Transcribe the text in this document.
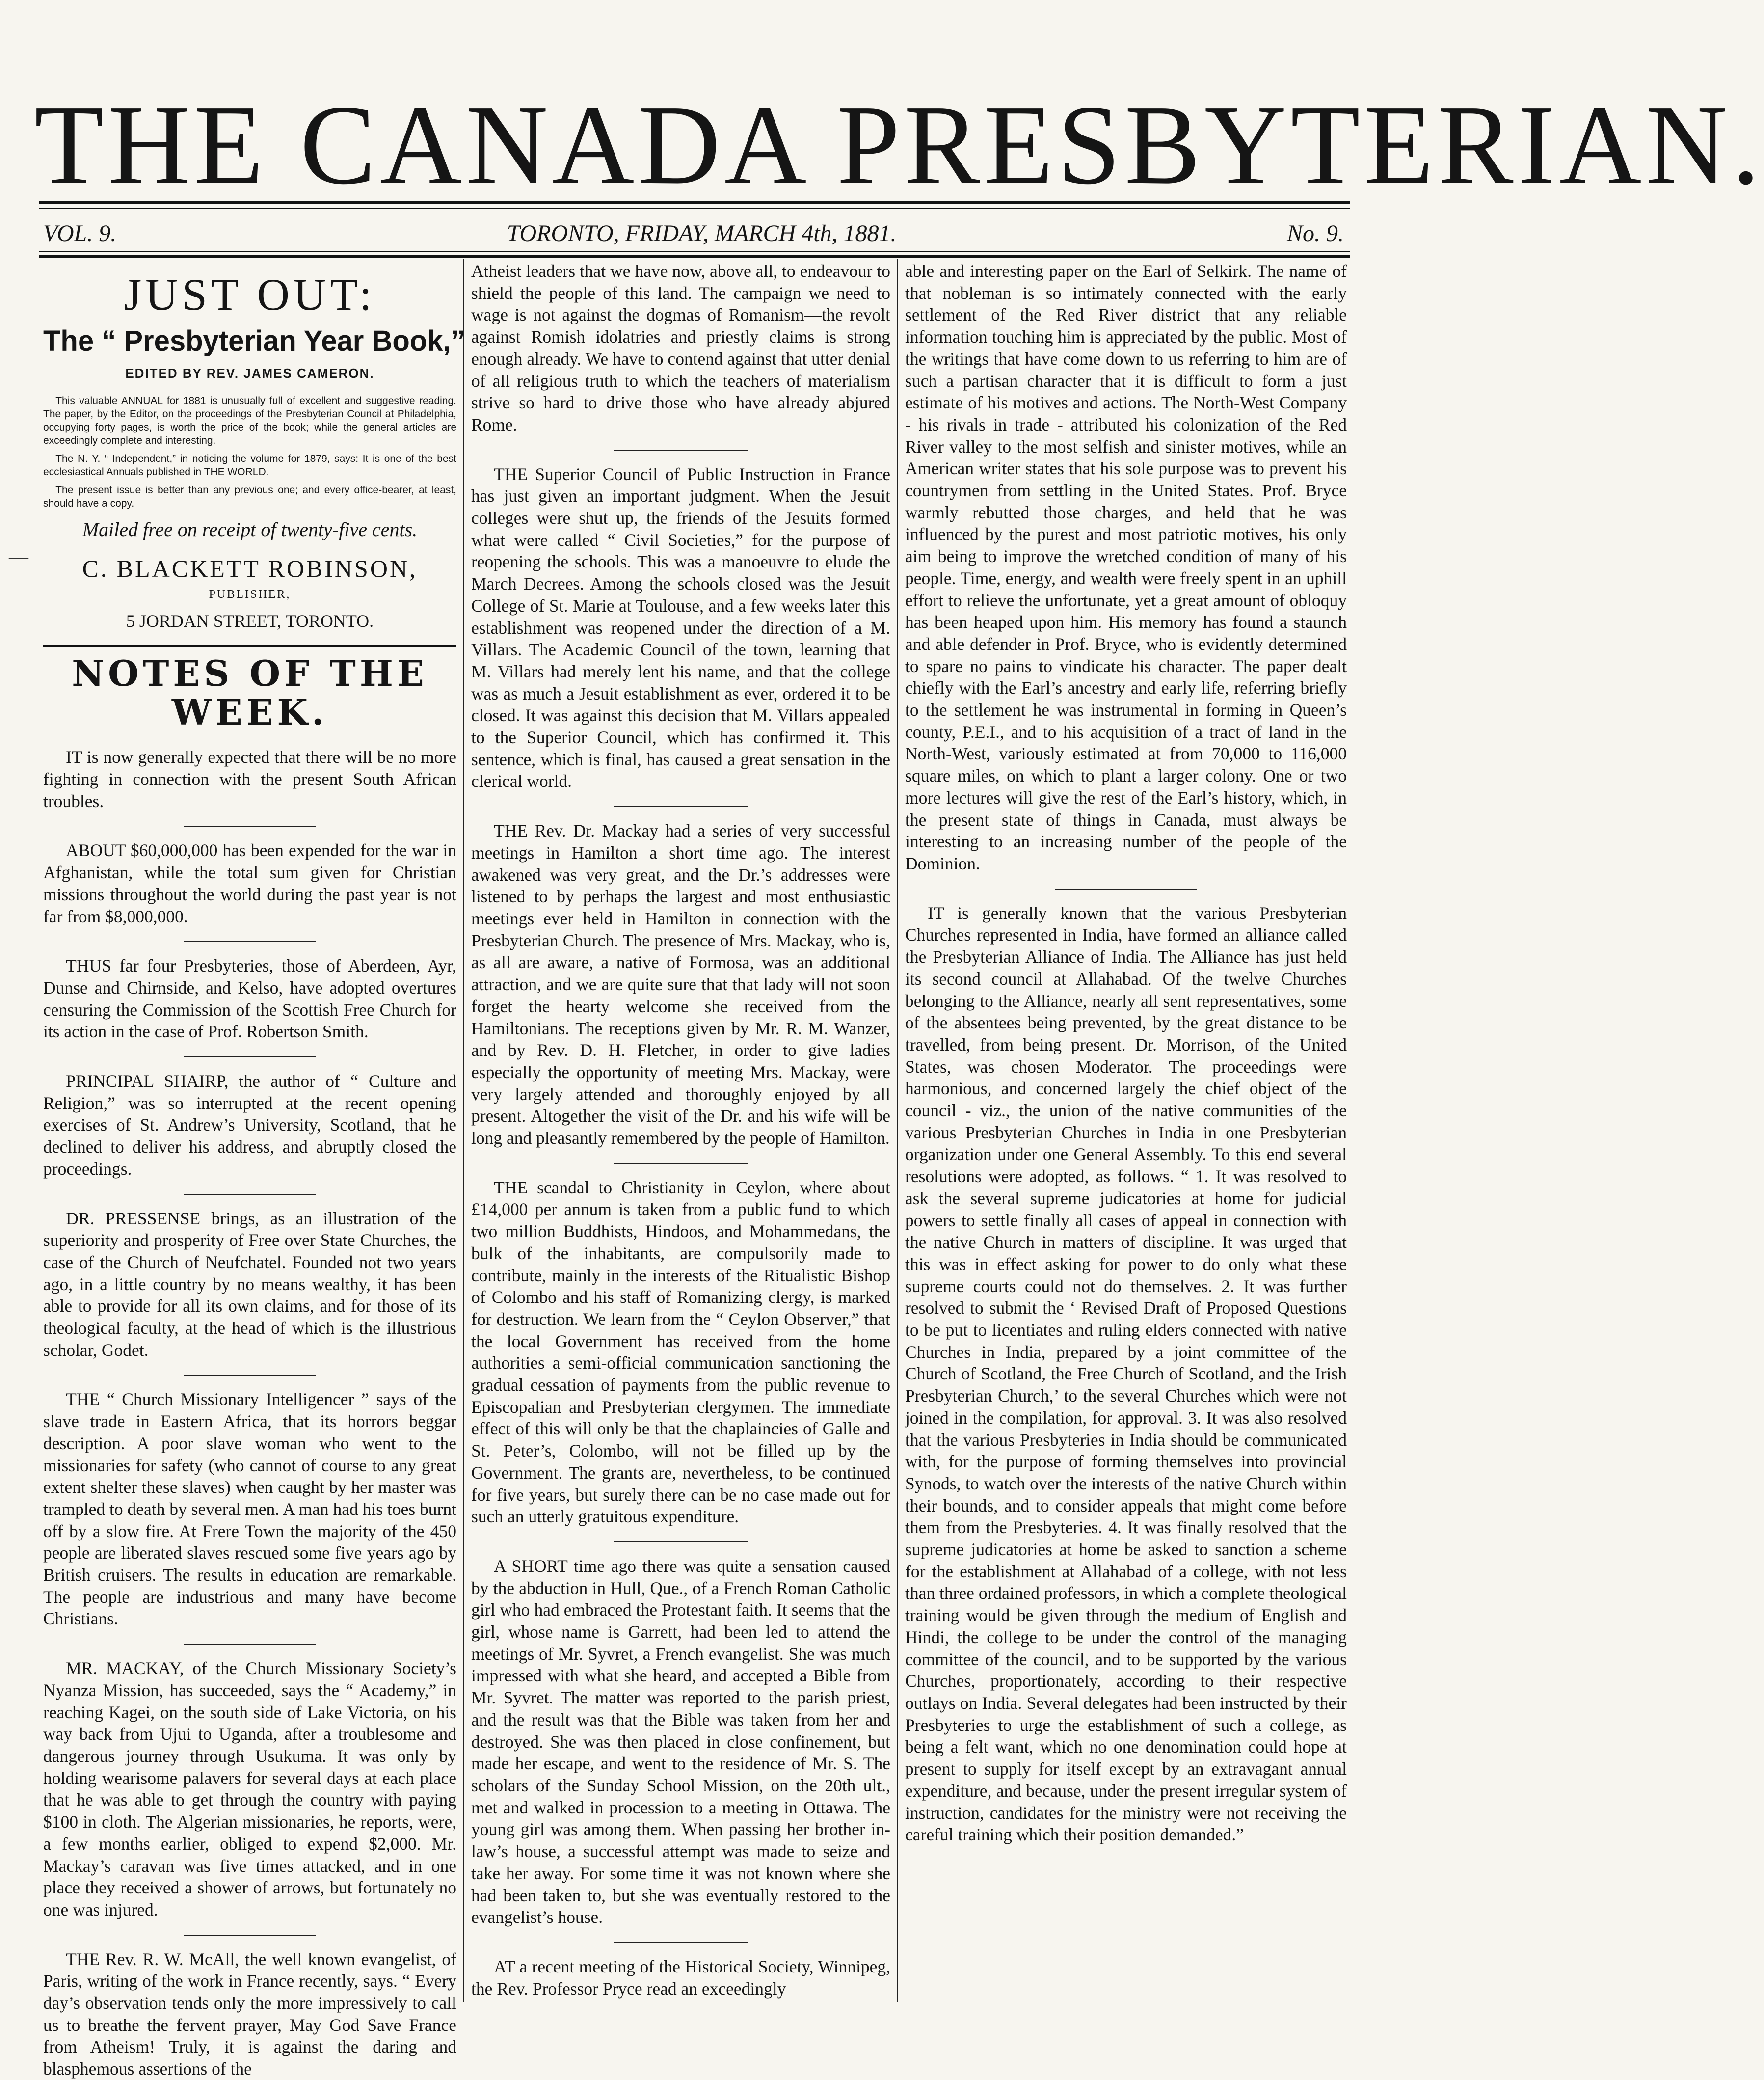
THE CANADA PRESBYTERIAN.
VOL. 9.	TORONTO, FRIDAY, MARCH 4th, 1881.	No. 9.
JUST OUT:
The “ Presbyterian Year Book,”
EDITED BY REV. JAMES CAMERON.

This valuable ANNUAL for 1881 is unusually full of excellent and suggestive reading. The paper, by the Editor, on the proceedings of the Presbyterian Council at Philadelphia, occupying forty pages, is worth the price of the book; while the general articles are exceedingly complete and interesting.

The N. Y. “ Independent,” in noticing the volume for 1879, says: It is one of the best ecclesiastical Annuals published in THE WORLD.

The present issue is better than any previous one; and every office-bearer, at least, should have a copy.

Mailed free on receipt of twenty-five cents.
C. BLACKETT ROBINSON,
PUBLISHER,
5 JORDAN STREET, TORONTO.
NOTES OF THE WEEK.

IT is now generally expected that there will be no more fighting in connection with the present South African troubles.

ABOUT $60,000,000 has been expended for the war in Afghanistan, while the total sum given for Christian missions throughout the world during the past year is not far from $8,000,000.

THUS far four Presbyteries, those of Aberdeen, Ayr, Dunse and Chirnside, and Kelso, have adopted overtures censuring the Commission of the Scottish Free Church for its action in the case of Prof. Robertson Smith.

PRINCIPAL SHAIRP, the author of “ Culture and Religion,” was so interrupted at the recent opening exercises of St. Andrew’s University, Scotland, that he declined to deliver his address, and abruptly closed the proceedings.

DR. PRESSENSE brings, as an illustration of the superiority and prosperity of Free over State Churches, the case of the Church of Neufchatel. Founded not two years ago, in a little country by no means wealthy, it has been able to provide for all its own claims, and for those of its theological faculty, at the head of which is the illustrious scholar, Godet.

THE “ Church Missionary Intelligencer ” says of the slave trade in Eastern Africa, that its horrors beggar description. A poor slave woman who went to the missionaries for safety (who cannot of course to any great extent shelter these slaves) when caught by her master was trampled to death by several men. A man had his toes burnt off by a slow fire. At Frere Town the majority of the 450 people are liberated slaves rescued some five years ago by British cruisers. The results in education are remarkable. The people are industrious and many have become Christians.

MR. MACKAY, of the Church Missionary Society’s Nyanza Mission, has succeeded, says the “ Academy,” in reaching Kagei, on the south side of Lake Victoria, on his way back from Ujui to Uganda, after a troublesome and dangerous journey through Usukuma. It was only by holding wearisome palavers for several days at each place that he was able to get through the country with paying $100 in cloth. The Algerian missionaries, he reports, were, a few months earlier, obliged to expend $2,000. Mr. Mackay’s caravan was five times attacked, and in one place they received a shower of arrows, but fortunately no one was injured.

THE Rev. R. W. McAll, the well known evangelist, of Paris, writing of the work in France recently, says. “ Every day’s observation tends only the more impressively to call us to breathe the fervent prayer, May God Save France from Atheism! Truly, it is against the daring and blasphemous assertions of the

Atheist leaders that we have now, above all, to endeavour to shield the people of this land. The campaign we need to wage is not against the dogmas of Romanism—the revolt against Romish idolatries and priestly claims is strong enough already. We have to contend against that utter denial of all religious truth to which the teachers of materialism strive so hard to drive those who have already abjured Rome.

THE Superior Council of Public Instruction in France has just given an important judgment. When the Jesuit colleges were shut up, the friends of the Jesuits formed what were called “ Civil Societies,” for the purpose of reopening the schools. This was a manoeuvre to elude the March Decrees. Among the schools closed was the Jesuit College of St. Marie at Toulouse, and a few weeks later this establishment was reopened under the direction of a M. Villars. The Academic Council of the town, learning that M. Villars had merely lent his name, and that the college was as much a Jesuit establishment as ever, ordered it to be closed. It was against this decision that M. Villars appealed to the Superior Council, which has confirmed it. This sentence, which is final, has caused a great sensation in the clerical world.

THE Rev. Dr. Mackay had a series of very successful meetings in Hamilton a short time ago. The interest awakened was very great, and the Dr.’s addresses were listened to by perhaps the largest and most enthusiastic meetings ever held in Hamilton in connection with the Presbyterian Church. The presence of Mrs. Mackay, who is, as all are aware, a native of Formosa, was an additional attraction, and we are quite sure that that lady will not soon forget the hearty welcome she received from the Hamiltonians. The receptions given by Mr. R. M. Wanzer, and by Rev. D. H. Fletcher, in order to give ladies especially the opportunity of meeting Mrs. Mackay, were very largely attended and thoroughly enjoyed by all present. Altogether the visit of the Dr. and his wife will be long and pleasantly remembered by the people of Hamilton.

THE scandal to Christianity in Ceylon, where about £14,000 per annum is taken from a public fund to which two million Buddhists, Hindoos, and Mohammedans, the bulk of the inhabitants, are compulsorily made to contribute, mainly in the interests of the Ritualistic Bishop of Colombo and his staff of Romanizing clergy, is marked for destruction. We learn from the “ Ceylon Observer,” that the local Government has received from the home authorities a semi-official communication sanctioning the gradual cessation of payments from the public revenue to Episcopalian and Presbyterian clergymen. The immediate effect of this will only be that the chaplaincies of Galle and St. Peter’s, Colombo, will not be filled up by the Government. The grants are, nevertheless, to be continued for five years, but surely there can be no case made out for such an utterly gratuitous expenditure.

A SHORT time ago there was quite a sensation caused by the abduction in Hull, Que., of a French Roman Catholic girl who had embraced the Protestant faith. It seems that the girl, whose name is Garrett, had been led to attend the meetings of Mr. Syvret, a French evangelist. She was much impressed with what she heard, and accepted a Bible from Mr. Syvret. The matter was reported to the parish priest, and the result was that the Bible was taken from her and destroyed. She was then placed in close confinement, but made her escape, and went to the residence of Mr. S. The scholars of the Sunday School Mission, on the 20th ult., met and walked in procession to a meeting in Ottawa. The young girl was among them. When passing her brother in-law’s house, a successful attempt was made to seize and take her away. For some time it was not known where she had been taken to, but she was eventually restored to the evangelist’s house.

AT a recent meeting of the Historical Society, Winnipeg, the Rev. Professor Pryce read an exceedingly

able and interesting paper on the Earl of Selkirk. The name of that nobleman is so intimately connected with the early settlement of the Red River district that any reliable information touching him is appreciated by the public. Most of the writings that have come down to us referring to him are of such a partisan character that it is difficult to form a just estimate of his motives and actions. The North-West Company - his rivals in trade - attributed his colonization of the Red River valley to the most selfish and sinister motives, while an American writer states that his sole purpose was to prevent his countrymen from settling in the United States. Prof. Bryce warmly rebutted those charges, and held that he was influenced by the purest and most patriotic motives, his only aim being to improve the wretched condition of many of his people. Time, energy, and wealth were freely spent in an uphill effort to relieve the unfortunate, yet a great amount of obloquy has been heaped upon him. His memory has found a staunch and able defender in Prof. Bryce, who is evidently determined to spare no pains to vindicate his character. The paper dealt chiefly with the Earl’s ancestry and early life, referring briefly to the settlement he was instrumental in forming in Queen’s county, P.E.I., and to his acquisition of a tract of land in the North-West, variously estimated at from 70,000 to 116,000 square miles, on which to plant a larger colony. One or two more lectures will give the rest of the Earl’s history, which, in the present state of things in Canada, must always be interesting to an increasing number of the people of the Dominion.

IT is generally known that the various Presbyterian Churches represented in India, have formed an alliance called the Presbyterian Alliance of India. The Alliance has just held its second council at Allahabad. Of the twelve Churches belonging to the Alliance, nearly all sent representatives, some of the absentees being prevented, by the great distance to be travelled, from being present. Dr. Morrison, of the United States, was chosen Moderator. The proceedings were harmonious, and concerned largely the chief object of the council - viz., the union of the native communities of the various Presbyterian Churches in India in one Presbyterian organization under one General Assembly. To this end several resolutions were adopted, as follows. “ 1. It was resolved to ask the several supreme judicatories at home for judicial powers to settle finally all cases of appeal in connection with the native Church in matters of discipline. It was urged that this was in effect asking for power to do only what these supreme courts could not do themselves. 2. It was further resolved to submit the ‘ Revised Draft of Proposed Questions to be put to licentiates and ruling elders connected with native Churches in India, prepared by a joint committee of the Church of Scotland, the Free Church of Scotland, and the Irish Presbyterian Church,’ to the several Churches which were not joined in the compilation, for approval. 3. It was also resolved that the various Presbyteries in India should be communicated with, for the purpose of forming themselves into provincial Synods, to watch over the interests of the native Church within their bounds, and to consider appeals that might come before them from the Presbyteries. 4. It was finally resolved that the supreme judicatories at home be asked to sanction a scheme for the establishment at Allahabad of a college, with not less than three ordained professors, in which a complete theological training would be given through the medium of English and Hindi, the college to be under the control of the managing committee of the council, and to be supported by the various Churches, proportionately, according to their respective outlays on India. Several delegates had been instructed by their Presbyteries to urge the establishment of such a college, as being a felt want, which no one denomination could hope at present to supply for itself except by an extravagant annual expenditure, and because, under the present irregular system of instruction, candidates for the ministry were not receiving the careful training which their position demanded.”

—
